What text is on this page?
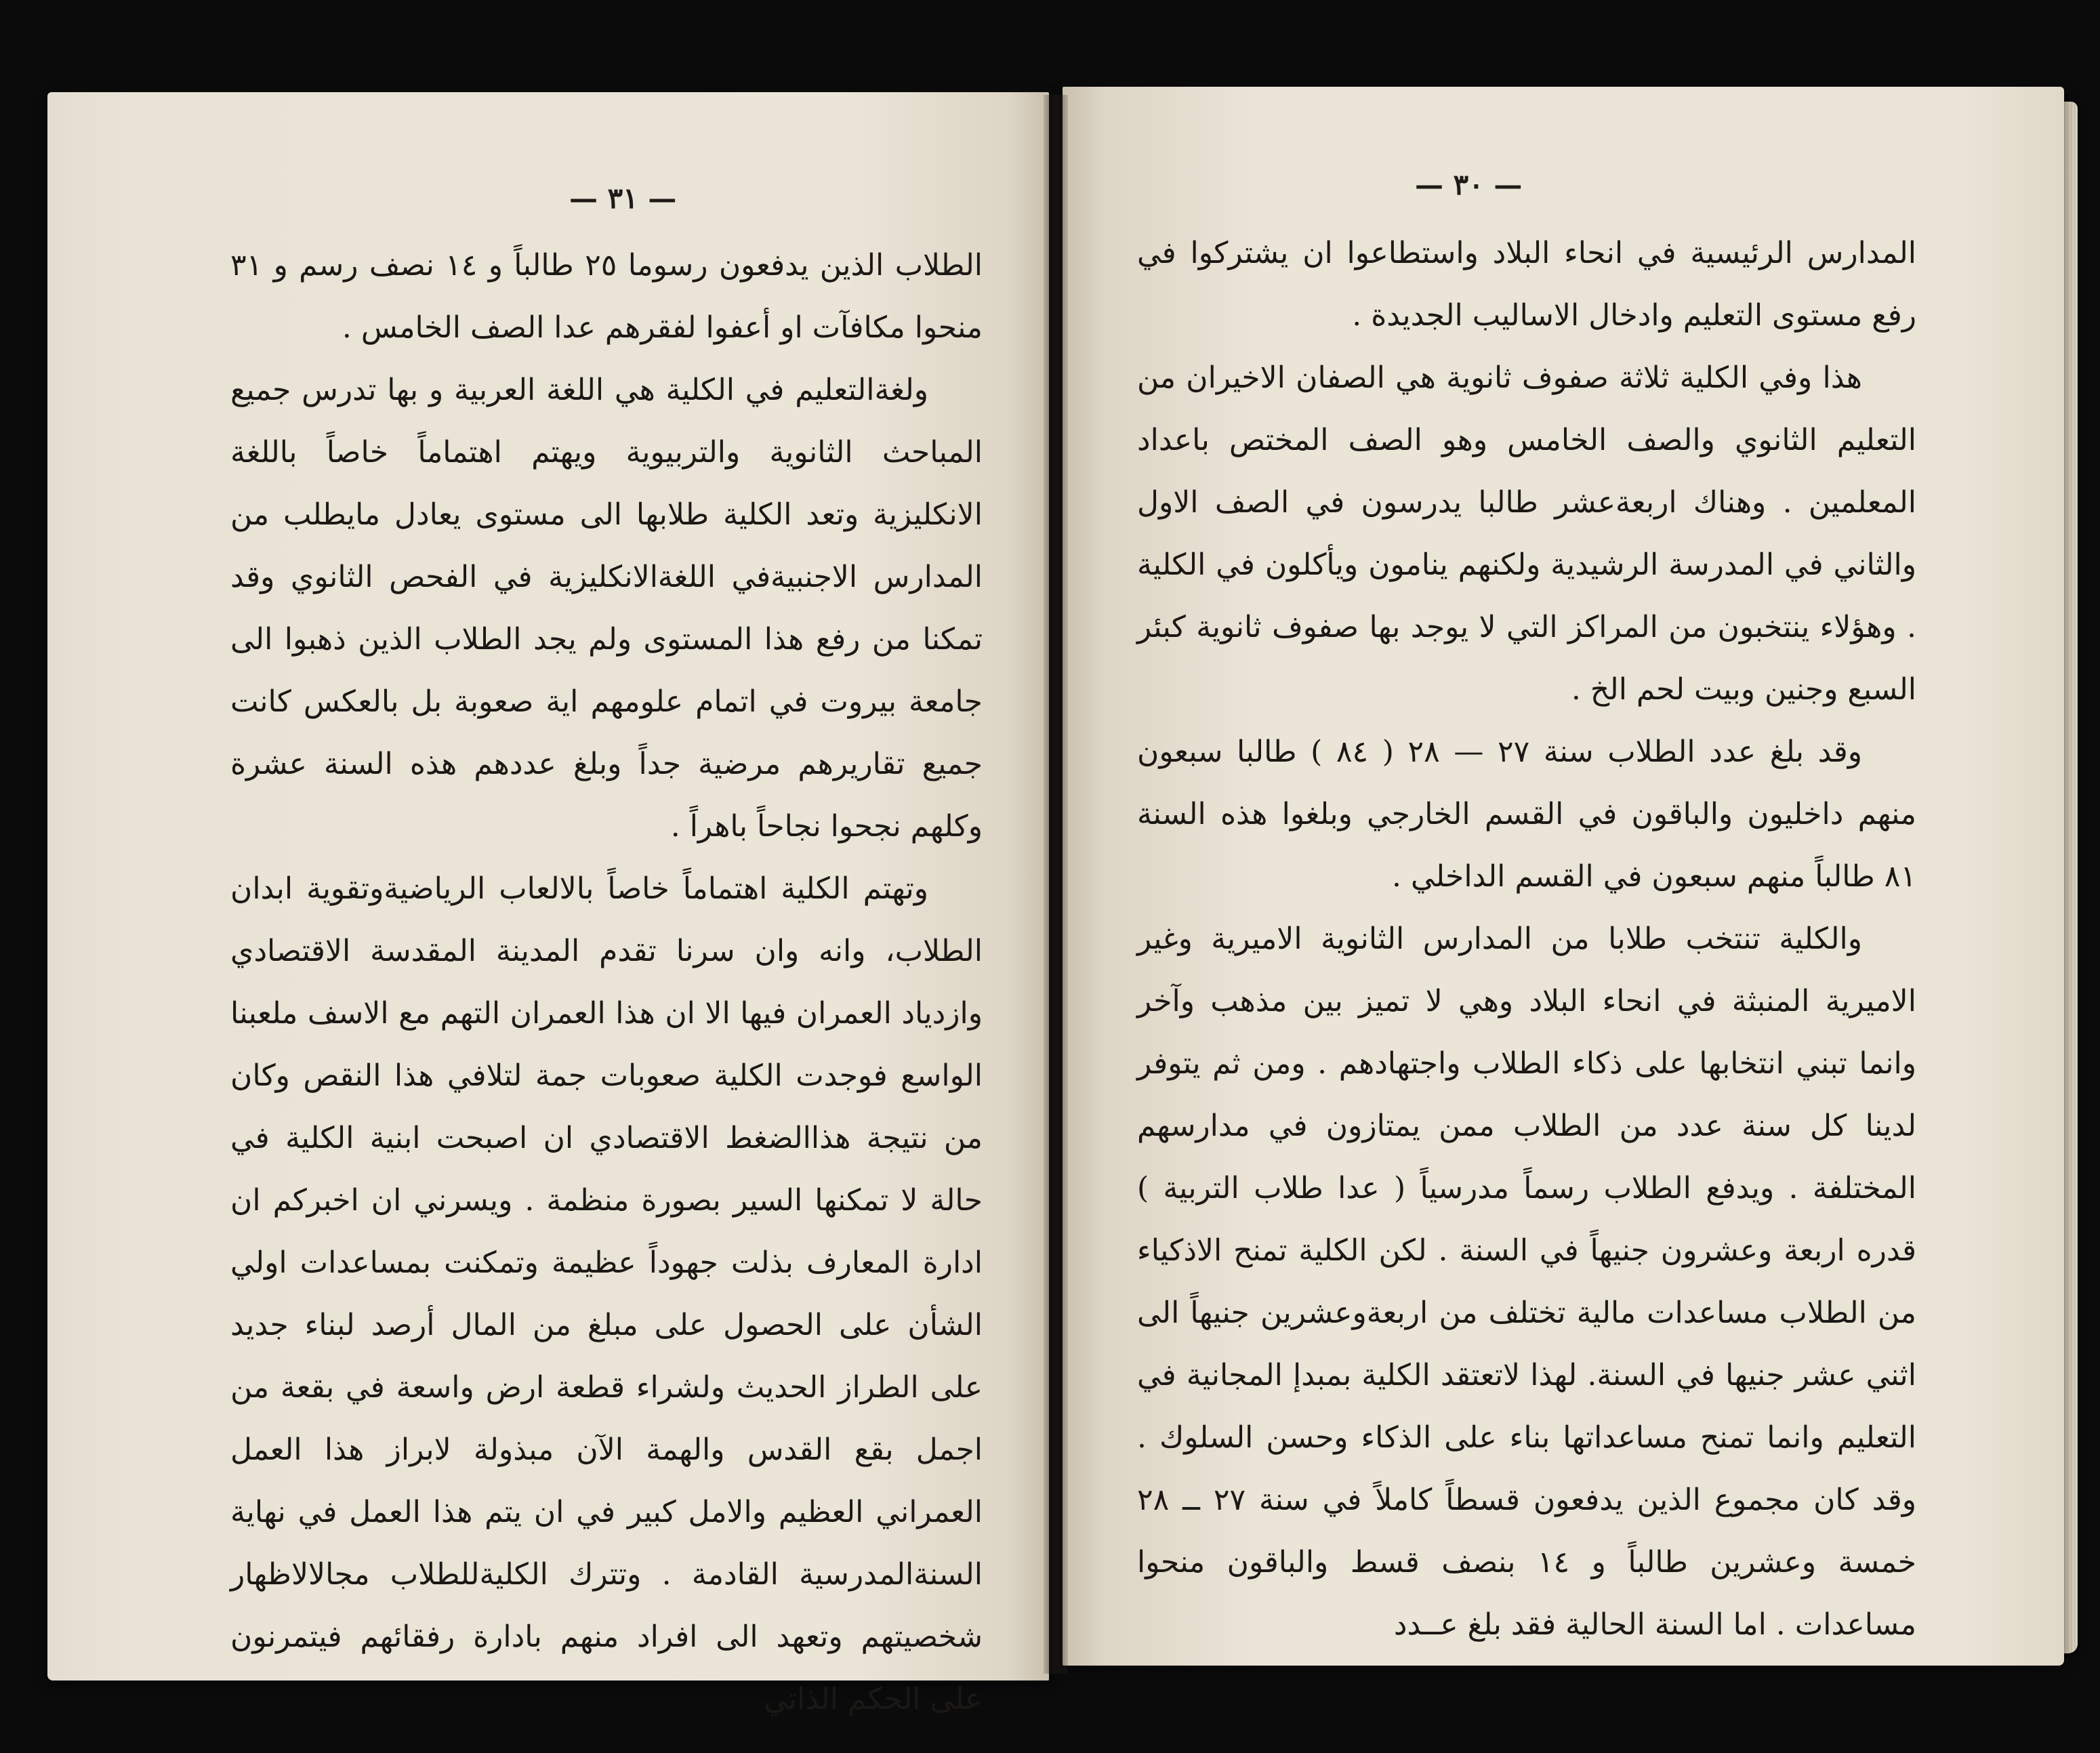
— ٣١ —

الطلاب الذين يدفعون رسوما ٢٥ طالباً و ١٤ نصف رسم و ٣١ منحوا مكافآت او أعفوا لفقرهم عدا الصف الخامس .

ولغةالتعليم في الكلية هي اللغة العربية و بها تدرس جميع المباحث الثانوية والتربيوية ويهتم اهتماماً خاصاً باللغة الانكليزية وتعد الكلية طلابها الى مستوى يعادل مايطلب من المدارس الاجنبيةفي اللغةالانكليزية في الفحص الثانوي وقد تمكنا من رفع هذا المستوى ولم يجد الطلاب الذين ذهبوا الى جامعة بيروت في اتمام علومهم اية صعوبة بل بالعكس كانت جميع تقاريرهم مرضية جداً وبلغ عددهم هذه السنة عشرة وكلهم نجحوا نجاحاً باهراً .

وتهتم الكلية اهتماماً خاصاً بالالعاب الرياضيةوتقوية ابدان الطلاب، وانه وان سرنا تقدم المدينة المقدسة الاقتصادي وازدياد العمران فيها الا ان هذا العمران التهم مع الاسف ملعبنا الواسع فوجدت الكلية صعوبات جمة لتلافي هذا النقص وكان من نتيجة هذاالضغط الاقتصادي ان اصبحت ابنية الكلية في حالة لا تمكنها السير بصورة منظمة . ويسرني ان اخبركم ان ادارة المعارف بذلت جهوداً عظيمة وتمكنت بمساعدات اولي الشأن على الحصول على مبلغ من المال أرصد لبناء جديد على الطراز الحديث ولشراء قطعة ارض واسعة في بقعة من اجمل بقع القدس والهمة الآن مبذولة لابراز هذا العمل العمراني العظيم والامل كبير في ان يتم هذا العمل في نهاية السنةالمدرسية القادمة . وتترك الكليةللطلاب مجالالاظهار شخصيتهم وتعهد الى افراد منهم بادارة رفقائهم فيتمرنون على الحكم الذاتي

— ٣٠ —

المدارس الرئيسية في انحاء البلاد واستطاعوا ان يشتركوا في رفع مستوى التعليم وادخال الاساليب الجديدة .

هذا وفي الكلية ثلاثة صفوف ثانوية هي الصفان الاخيران من التعليم الثانوي والصف الخامس وهو الصف المختص باعداد المعلمين . وهناك اربعةعشر طالبا يدرسون في الصف الاول والثاني في المدرسة الرشيدية ولكنهم ينامون ويأكلون في الكلية . وهؤلاء ينتخبون من المراكز التي لا يوجد بها صفوف ثانوية كبئر السبع وجنين وبيت لحم الخ .

وقد بلغ عدد الطلاب سنة ٢٧ — ٢٨ ( ٨٤ ) طالبا سبعون منهم داخليون والباقون في القسم الخارجي وبلغوا هذه السنة ٨١ طالباً منهم سبعون في القسم الداخلي .

والكلية تنتخب طلابا من المدارس الثانوية الاميرية وغير الاميرية المنبثة في انحاء البلاد وهي لا تميز بين مذهب وآخر وانما تبني انتخابها على ذكاء الطلاب واجتهادهم . ومن ثم يتوفر لدينا كل سنة عدد من الطلاب ممن يمتازون في مدارسهم المختلفة . ويدفع الطلاب رسماً مدرسياً ( عدا طلاب التربية ) قدره اربعة وعشرون جنيهاً في السنة . لكن الكلية تمنح الاذكياء من الطلاب مساعدات مالية تختلف من اربعةوعشرين جنيهاً الى اثني عشر جنيها في السنة. لهذا لاتعتقد الكلية بمبدإ المجانية في التعليم وانما تمنح مساعداتها بناء على الذكاء وحسن السلوك . وقد كان مجموع الذين يدفعون قسطاً كاملاً في سنة ٢٧ ــ ٢٨ خمسة وعشرين طالباً و ١٤ بنصف قسط والباقون منحوا مساعدات . اما السنة الحالية فقد بلغ عــدد
